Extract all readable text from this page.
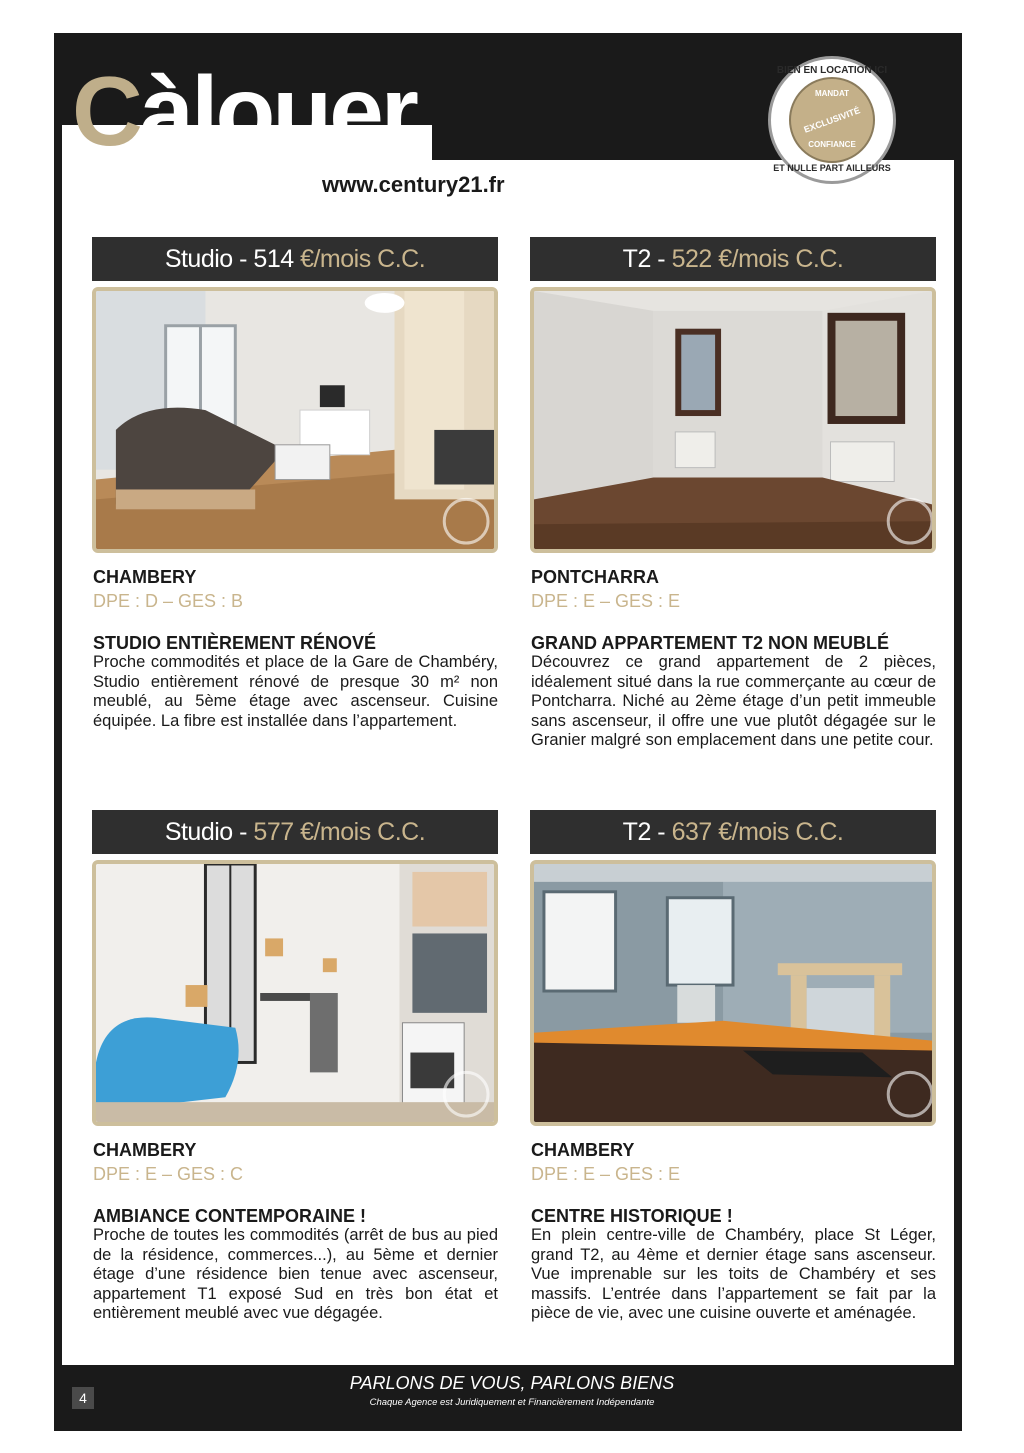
Càlouer
www.century21.fr
BIEN EN LOCATION ICI
MANDAT
EXCLUSIVITÉ
CONFIANCE
ET NULLE PART AILLEURS
Studio - 514 €/mois C.C.
CHAMBERY
DPE : D – GES : B
STUDIO ENTIÈREMENT RÉNOVÉ
Proche commodités et place de la Gare de Chambéry, Studio entièrement rénové de presque 30 m² non meublé, au 5ème étage avec ascenseur. Cuisine équipée. La fibre est installée dans l’appartement.
T2 - 522 €/mois C.C.
PONTCHARRA
DPE : E – GES : E
GRAND APPARTEMENT T2 NON MEUBLÉ
Découvrez ce grand appartement de 2 pièces, idéalement situé dans la rue commerçante au cœur de Pontcharra. Niché au 2ème étage d’un petit immeuble sans ascenseur, il offre une vue plutôt dégagée sur le Granier malgré son emplacement dans une petite cour.
Studio - 577 €/mois C.C.
CHAMBERY
DPE : E – GES : C
AMBIANCE CONTEMPORAINE !
Proche de toutes les commodités (arrêt de bus au pied de la résidence, commerces...), au 5ème et dernier étage d’une résidence bien tenue avec ascenseur, appartement T1 exposé Sud en très bon état et entièrement meublé avec vue dégagée.
T2 - 637 €/mois C.C.
CHAMBERY
DPE : E – GES : E
CENTRE HISTORIQUE !
En plein centre-ville de Chambéry, place St Léger, grand T2, au 4ème et dernier étage sans ascenseur. Vue imprenable sur les toits de Chambéry et ses massifs. L’entrée dans l’appartement se fait par la pièce de vie, avec une cuisine ouverte et aménagée.
4
PARLONS DE VOUS, PARLONS BIENS
Chaque Agence est Juridiquement et Financièrement Indépendante
